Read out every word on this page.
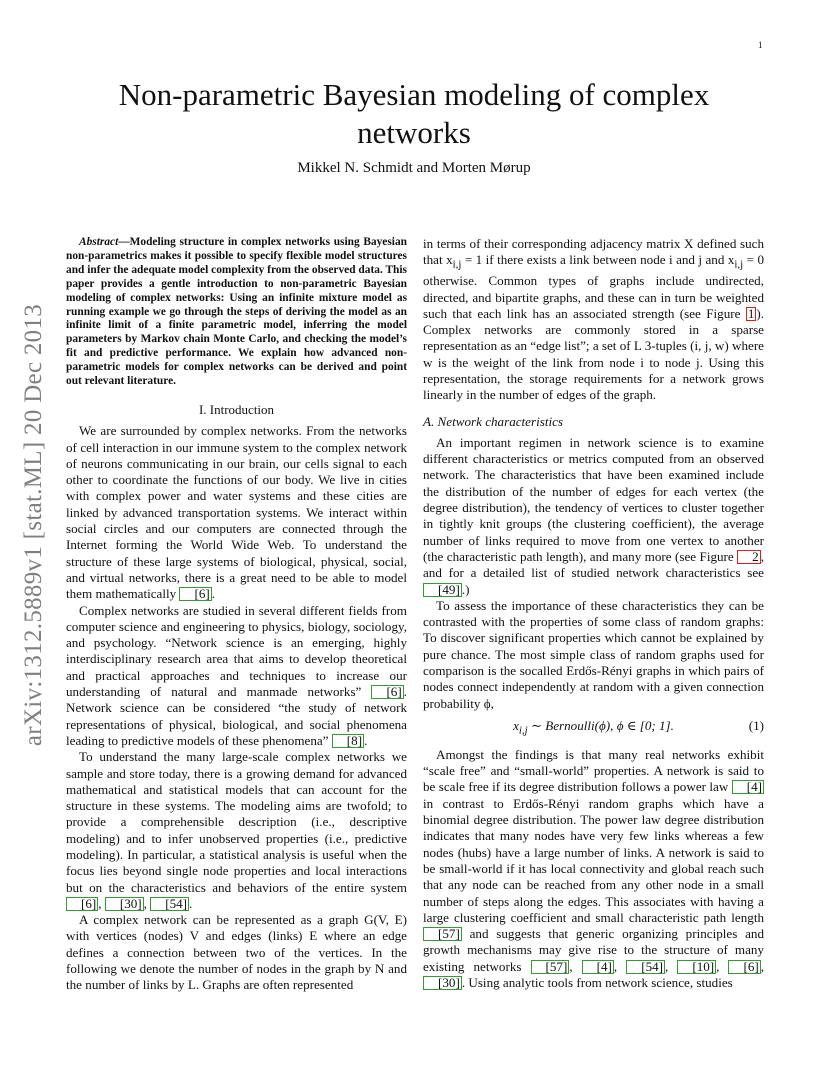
1
arXiv:1312.5889v1 [stat.ML] 20 Dec 2013
Non-parametric Bayesian modeling of complex networks
Mikkel N. Schmidt and Morten Mørup

Abstract—Modeling structure in complex networks using Bayesian non-parametrics makes it possible to specify flexible model structures and infer the adequate model complexity from the observed data. This paper provides a gentle introduction to non-parametric Bayesian modeling of complex networks: Using an infinite mixture model as running example we go through the steps of deriving the model as an infinite limit of a finite parametric model, inferring the model parameters by Markov chain Monte Carlo, and checking the model’s fit and predictive performance. We explain how advanced non-parametric models for complex networks can be derived and point out relevant literature.

I. Introduction

We are surrounded by complex networks. From the networks of cell interaction in our immune system to the complex network of neurons communicating in our brain, our cells signal to each other to coordinate the functions of our body. We live in cities with complex power and water systems and these cities are linked by advanced transportation systems. We interact within social circles and our computers are connected through the Internet forming the World Wide Web. To understand the structure of these large systems of biological, physical, social, and virtual networks, there is a great need to be able to model them mathematically [6] .

Complex networks are studied in several different fields from computer science and engineering to physics, biology, sociology, and psychology. “Network science is an emerging, highly interdisciplinary research area that aims to develop theoretical and practical approaches and techniques to increase our understanding of natural and manmade networks” [6] . Network science can be considered “the study of network representations of physical, biological, and social phenomena leading to predictive models of these phenomena” [8] .

To understand the many large-scale complex networks we sample and store today, there is a growing demand for advanced mathematical and statistical models that can account for the structure in these systems. The modeling aims are twofold; to provide a comprehensible description (i.e., descriptive modeling) and to infer unobserved properties (i.e., predictive modeling). In particular, a statistical analysis is useful when the focus lies beyond single node properties and local interactions but on the characteristics and behaviors of the entire system [6] , [30] , [54] .

A complex network can be represented as a graph G(V, E) with vertices (nodes) V and edges (links) E where an edge defines a connection between two of the vertices. In the following we denote the number of nodes in the graph by N and the number of links by L. Graphs are often represented

in terms of their corresponding adjacency matrix X defined such that $x_{i,j} = 1$ if there exists a link between node i and j and $x_{i,j} = 0$ otherwise. Common types of graphs include undirected, directed, and bipartite graphs, and these can in turn be weighted such that each link has an associated strength (see Figure 1 ). Complex networks are commonly stored in a sparse representation as an “edge list”; a set of L 3-tuples (i, j, w) where w is the weight of the link from node i to node j. Using this representation, the storage requirements for a network grows linearly in the number of edges of the graph.

A. Network characteristics

An important regimen in network science is to examine different characteristics or metrics computed from an observed network. The characteristics that have been examined include the distribution of the number of edges for each vertex (the degree distribution), the tendency of vertices to cluster together in tightly knit groups (the clustering coefficient), the average number of links required to move from one vertex to another (the characteristic path length), and many more (see Figure 2 , and for a detailed list of studied network characteristics see [49] .)

To assess the importance of these characteristics they can be contrasted with the properties of some class of random graphs: To discover significant properties which cannot be explained by pure chance. The most simple class of random graphs used for comparison is the socalled Erdős-Rényi graphs in which pairs of nodes connect independently at random with a given connection probability ϕ,

$x_{i,j}$ ∼ Bernoulli(ϕ), ϕ ∈ [0; 1].	(1)

Amongst the findings is that many real networks exhibit “scale free” and “small-world” properties. A network is said to be scale free if its degree distribution follows a power law [4] in contrast to Erdős-Rényi random graphs which have a binomial degree distribution. The power law degree distribution indicates that many nodes have very few links whereas a few nodes (hubs) have a large number of links. A network is said to be small-world if it has local connectivity and global reach such that any node can be reached from any other node in a small number of steps along the edges. This associates with having a large clustering coefficient and small characteristic path length [57] and suggests that generic organizing principles and growth mechanisms may give rise to the structure of many existing networks [57] , [4] , [54] , [10] , [6] , [30] . Using analytic tools from network science, studies
